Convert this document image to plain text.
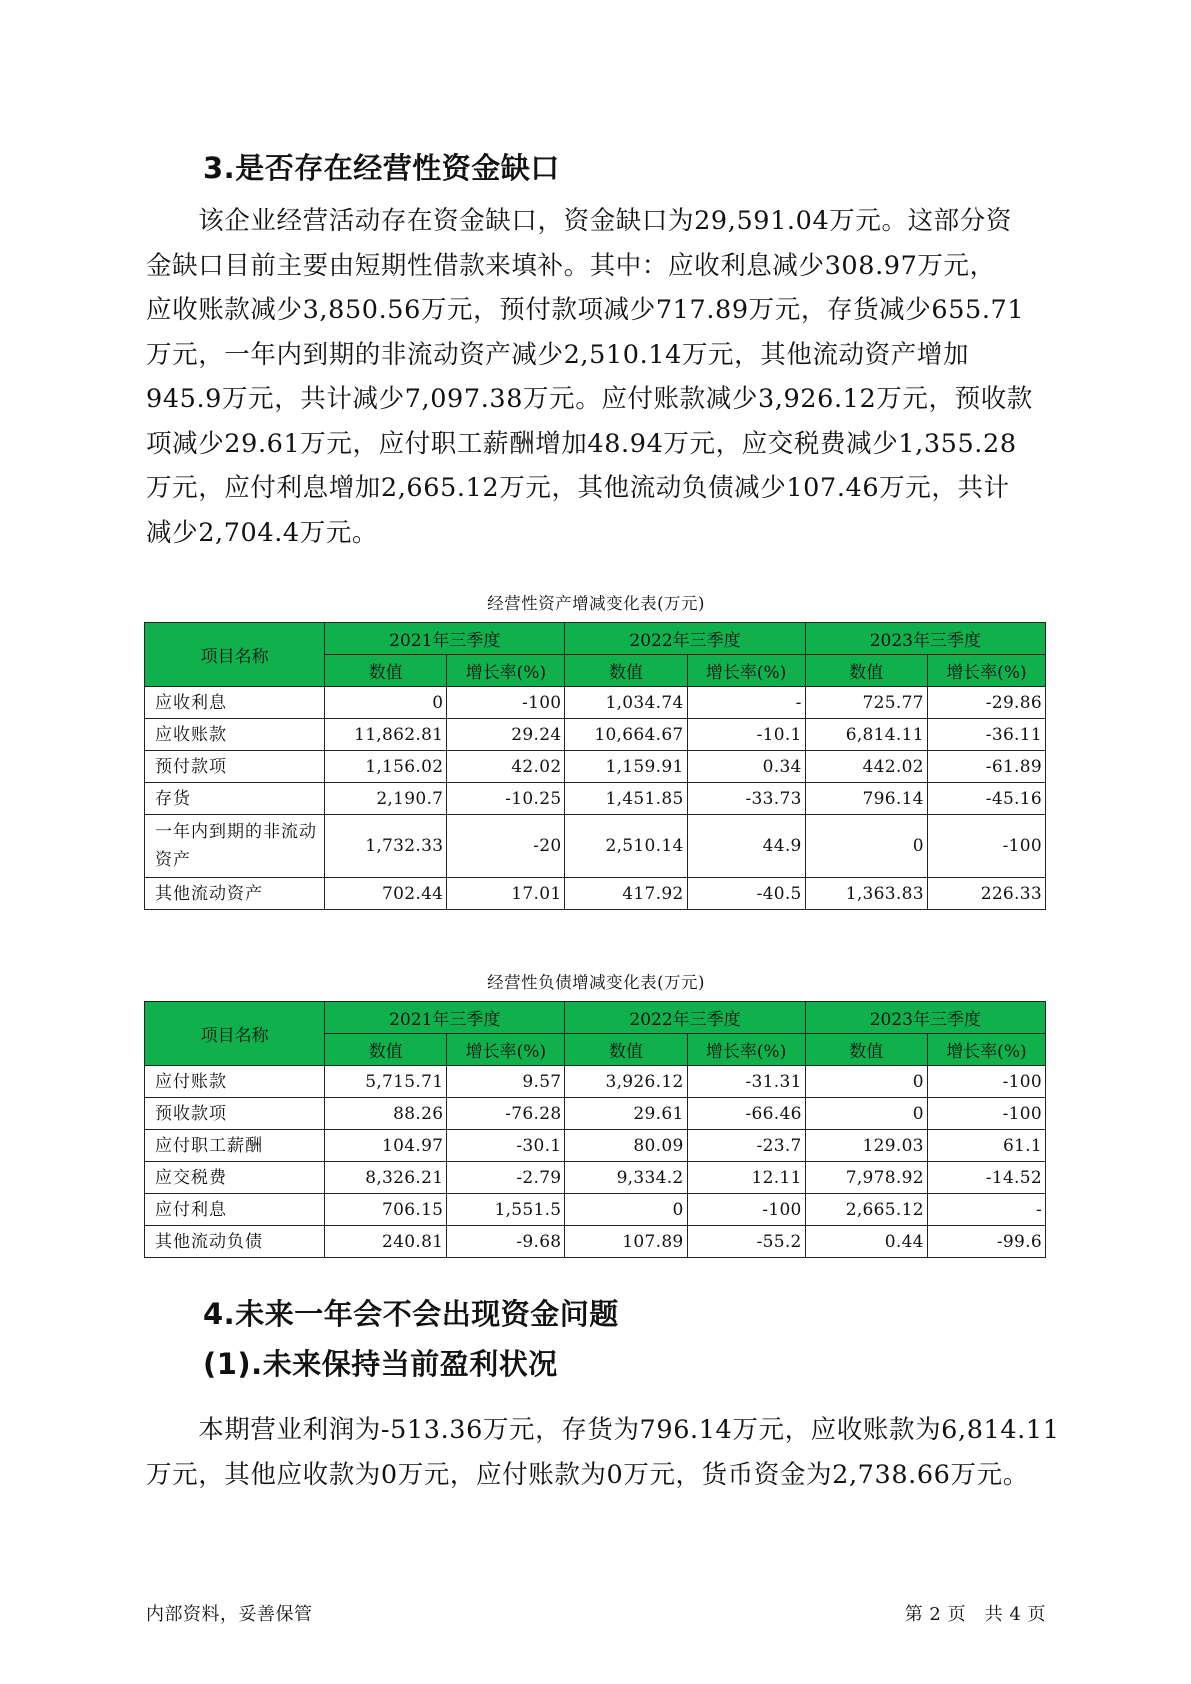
3.是否存在经营性资金缺口
　　该企业经营活动存在资金缺口，资金缺口为29,591.04万元。这部分资
金缺口目前主要由短期性借款来填补。其中：应收利息减少308.97万元，
应收账款减少3,850.56万元，预付款项减少717.89万元，存货减少655.71
万元，一年内到期的非流动资产减少2,510.14万元，其他流动资产增加
945.9万元，共计减少7,097.38万元。应付账款减少3,926.12万元，预收款
项减少29.61万元，应付职工薪酬增加48.94万元，应交税费减少1,355.28
万元，应付利息增加2,665.12万元，其他流动负债减少107.46万元，共计
减少2,704.4万元。
经营性资产增减变化表(万元)
项目名称	2021年三季度		2022年三季度		2023年三季度	
	数值	增长率(%)	数值	增长率(%)	数值	增长率(%)
应收利息	0	-100	1,034.74	-	725.77	-29.86
应收账款	11,862.81	29.24	10,664.67	-10.1	6,814.11	-36.11
预付款项	1,156.02	42.02	1,159.91	0.34	442.02	-61.89
存货	2,190.7	-10.25	1,451.85	-33.73	796.14	-45.16
一年内到期的非流动资产	1,732.33	-20	2,510.14	44.9	0	-100
其他流动资产	702.44	17.01	417.92	-40.5	1,363.83	226.33
经营性负债增减变化表(万元)
项目名称	2021年三季度		2022年三季度		2023年三季度	
	数值	增长率(%)	数值	增长率(%)	数值	增长率(%)
应付账款	5,715.71	9.57	3,926.12	-31.31	0	-100
预收款项	88.26	-76.28	29.61	-66.46	0	-100
应付职工薪酬	104.97	-30.1	80.09	-23.7	129.03	61.1
应交税费	8,326.21	-2.79	9,334.2	12.11	7,978.92	-14.52
应付利息	706.15	1,551.5	0	-100	2,665.12	-
其他流动负债	240.81	-9.68	107.89	-55.2	0.44	-99.6
4.未来一年会不会出现资金问题
(1).未来保持当前盈利状况
　　本期营业利润为-513.36万元，存货为796.14万元，应收账款为6,814.11
万元，其他应收款为0万元，应付账款为0万元，货币资金为2,738.66万元。
内部资料，妥善保管	第 2 页　共 4 页
